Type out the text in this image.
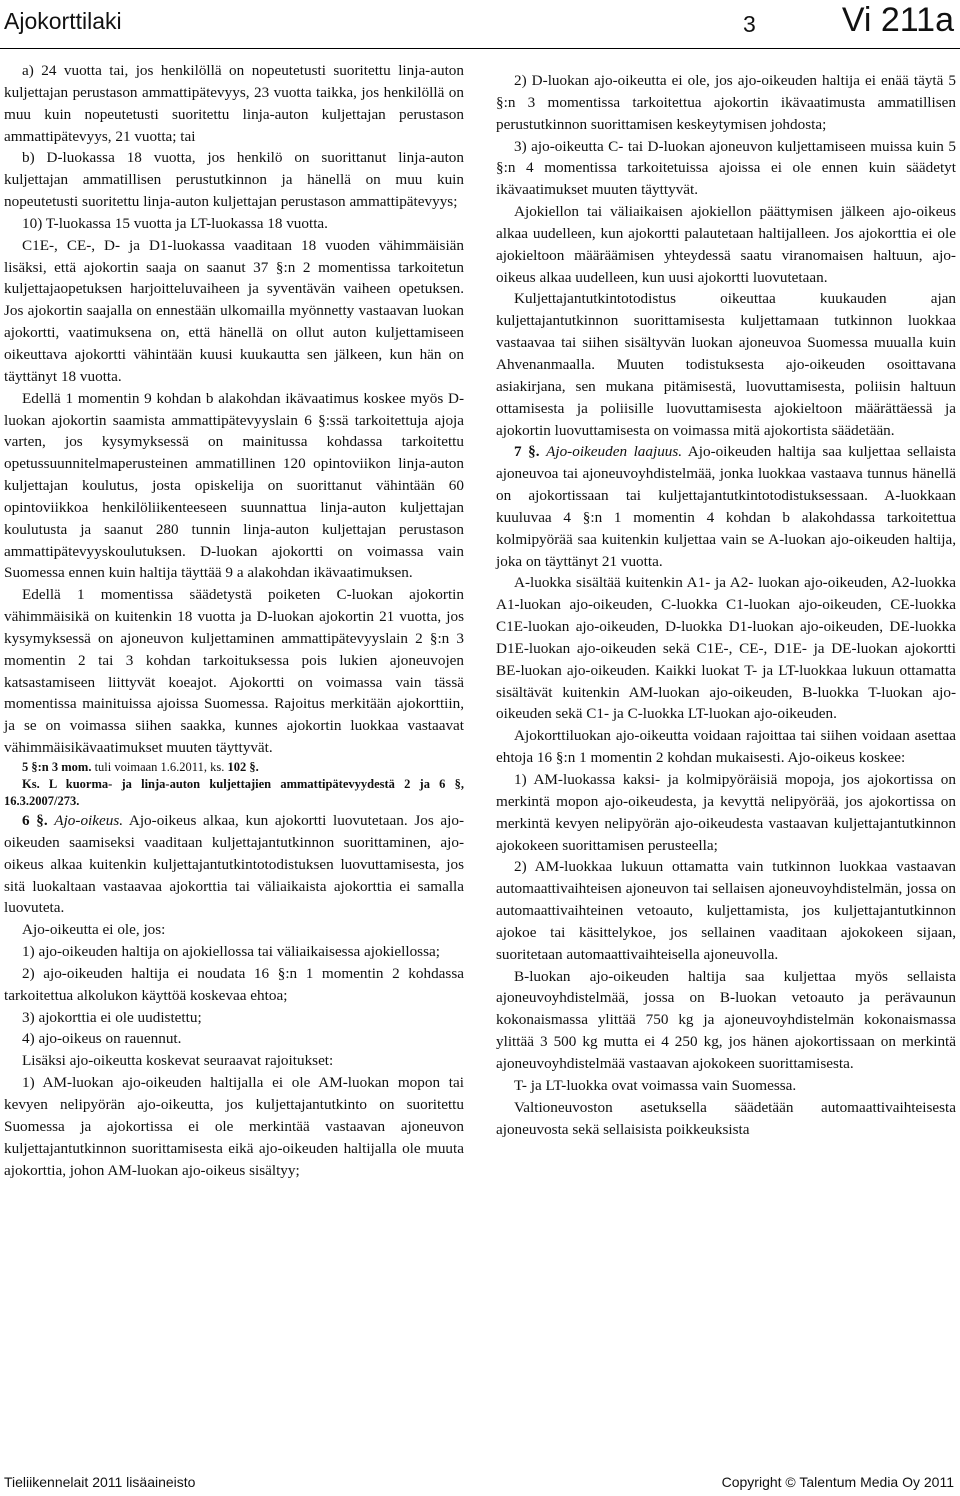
Ajokorttilaki	3	Vi 211a

a) 24 vuotta tai, jos henkilöllä on nopeutetusti suoritettu linja-auton kuljettajan perustason ammattipätevyys, 23 vuotta taikka, jos henkilöllä on muu kuin nopeutetusti suoritettu linja-auton kuljettajan perustason ammattipätevyys, 21 vuotta; tai

b) D-luokassa 18 vuotta, jos henkilö on suorittanut linja-auton kuljettajan ammatillisen perustutkinnon ja hänellä on muu kuin nopeutetusti suoritettu linja-auton kuljettajan perustason ammattipätevyys;

10) T-luokassa 15 vuotta ja LT-luokassa 18 vuotta.

C1E-, CE-, D- ja D1-luokassa vaaditaan 18 vuoden vähimmäisiän lisäksi, että ajokortin saaja on saanut 37 §:n 2 momentissa tarkoitetun kuljettajaopetuksen harjoitteluvaiheen ja syventävän vaiheen opetuksen. Jos ajokortin saajalla on ennestään ulkomailla myönnetty vastaavan luokan ajokortti, vaatimuksena on, että hänellä on ollut auton kuljettamiseen oikeuttava ajokortti vähintään kuusi kuukautta sen jälkeen, kun hän on täyttänyt 18 vuotta.

Edellä 1 momentin 9 kohdan b alakohdan ikävaatimus koskee myös D-luokan ajokortin saamista ammattipätevyyslain 6 §:ssä tarkoitettuja ajoja varten, jos kysymyksessä on mainitussa kohdassa tarkoitettu opetussuunnitelmaperusteinen ammatillinen 120 opintoviikon linja-auton kuljettajan koulutus, josta opiskelija on suorittanut vähintään 60 opintoviikkoa henkilöliikenteeseen suunnattua linja-auton kuljettajan koulutusta ja saanut 280 tunnin linja-auton kuljettajan perustason ammattipätevyyskoulutuksen. D-luokan ajokortti on voimassa vain Suomessa ennen kuin haltija täyttää 9 a alakohdan ikävaatimuksen.

Edellä 1 momentissa säädetystä poiketen C-luokan ajokortin vähimmäisikä on kuitenkin 18 vuotta ja D-luokan ajokortin 21 vuotta, jos kysymyksessä on ajoneuvon kuljettaminen ammattipätevyyslain 2 §:n 3 momentin 2 tai 3 kohdan tarkoituksessa pois lukien ajoneuvojen katsastamiseen liittyvät koeajot. Ajokortti on voimassa vain tässä momentissa mainituissa ajoissa Suomessa. Rajoitus merkitään ajokorttiin, ja se on voimassa siihen saakka, kunnes ajokortin luokkaa vastaavat vähimmäisikävaatimukset muuten täyttyvät.

5 §:n 3 mom. tuli voimaan 1.6.2011, ks. 102 §.

Ks. L kuorma- ja linja-auton kuljettajien ammattipätevyydestä 2 ja 6 §, 16.3.2007/273.

6 §. Ajo-oikeus. Ajo-oikeus alkaa, kun ajokortti luovutetaan. Jos ajo-oikeuden saamiseksi vaaditaan kuljettajantutkinnon suorittaminen, ajo-oikeus alkaa kuitenkin kuljettajantutkintotodistuksen luovuttamisesta, jos sitä luokaltaan vastaavaa ajokorttia tai väliaikaista ajokorttia ei samalla luovuteta.

Ajo-oikeutta ei ole, jos:

1) ajo-oikeuden haltija on ajokiellossa tai väliaikaisessa ajokiellossa;

2) ajo-oikeuden haltija ei noudata 16 §:n 1 momentin 2 kohdassa tarkoitettua alkolukon käyttöä koskevaa ehtoa;

3) ajokorttia ei ole uudistettu;

4) ajo-oikeus on rauennut.

Lisäksi ajo-oikeutta koskevat seuraavat rajoitukset:

1) AM-luokan ajo-oikeuden haltijalla ei ole AM-luokan mopon tai kevyen nelipyörän ajo-oikeutta, jos kuljettajantutkinto on suoritettu Suomessa ja ajokortissa ei ole merkintää vastaavan ajoneuvon kuljettajantutkinnon suorittamisesta eikä ajo-oikeuden haltijalla ole muuta ajokorttia, johon AM-luokan ajo-oikeus sisältyy;

2) D-luokan ajo-oikeutta ei ole, jos ajo-oikeuden haltija ei enää täytä 5 §:n 3 momentissa tarkoitettua ajokortin ikävaatimusta ammatillisen perustutkinnon suorittamisen keskeytymisen johdosta;

3) ajo-oikeutta C- tai D-luokan ajoneuvon kuljettamiseen muissa kuin 5 §:n 4 momentissa tarkoitetuissa ajoissa ei ole ennen kuin säädetyt ikävaatimukset muuten täyttyvät.

Ajokiellon tai väliaikaisen ajokiellon päättymisen jälkeen ajo-oikeus alkaa uudelleen, kun ajokortti palautetaan haltijalleen. Jos ajokorttia ei ole ajokieltoon määräämisen yhteydessä saatu viranomaisen haltuun, ajo-oikeus alkaa uudelleen, kun uusi ajokortti luovutetaan.

Kuljettajantutkintotodistus oikeuttaa kuukauden ajan kuljettajantutkinnon suorittamisesta kuljettamaan tutkinnon luokkaa vastaavaa tai siihen sisältyvän luokan ajoneuvoa Suomessa muualla kuin Ahvenanmaalla. Muuten todistuksesta ajo-oikeuden osoittavana asiakirjana, sen mukana pitämisestä, luovuttamisesta, poliisin haltuun ottamisesta ja poliisille luovuttamisesta ajokieltoon määrättäessä ja ajokortin luovuttamisesta on voimassa mitä ajokortista säädetään.

7 §. Ajo-oikeuden laajuus. Ajo-oikeuden haltija saa kuljettaa sellaista ajoneuvoa tai ajoneuvoyhdistelmää, jonka luokkaa vastaava tunnus hänellä on ajokortissaan tai kuljettajantutkintotodistuksessaan. A-luokkaan kuuluvaa 4 §:n 1 momentin 4 kohdan b alakohdassa tarkoitettua kolmipyörää saa kuitenkin kuljettaa vain se A-luokan ajo-oikeuden haltija, joka on täyttänyt 21 vuotta.

A-luokka sisältää kuitenkin A1- ja A2- luokan ajo-oikeuden, A2-luokka A1-luokan ajo-oikeuden, C-luokka C1-luokan ajo-oikeuden, CE-luokka C1E-luokan ajo-oikeuden, D-luokka D1-luokan ajo-oikeuden, DE-luokka D1E-luokan ajo-oikeuden sekä C1E-, CE-, D1E- ja DE-luokan ajokortti BE-luokan ajo-oikeuden. Kaikki luokat T- ja LT-luokkaa lukuun ottamatta sisältävät kuitenkin AM-luokan ajo-oikeuden, B-luokka T-luokan ajo-oikeuden sekä C1- ja C-luokka LT-luokan ajo-oikeuden.

Ajokorttiluokan ajo-oikeutta voidaan rajoittaa tai siihen voidaan asettaa ehtoja 16 §:n 1 momentin 2 kohdan mukaisesti. Ajo-oikeus koskee:

1) AM-luokassa kaksi- ja kolmipyöräisiä mopoja, jos ajokortissa on merkintä mopon ajo-oikeudesta, ja kevyttä nelipyörää, jos ajokortissa on merkintä kevyen nelipyörän ajo-oikeudesta vastaavan kuljettajantutkinnon ajokokeen suorittamisen perusteella;

2) AM-luokkaa lukuun ottamatta vain tutkinnon luokkaa vastaavan automaattivaihteisen ajoneuvon tai sellaisen ajoneuvoyhdistelmän, jossa on automaattivaihteinen vetoauto, kuljettamista, jos kuljettajantutkinnon ajokoe tai käsittelykoe, jos sellainen vaaditaan ajokokeen sijaan, suoritetaan automaattivaihteisella ajoneuvolla.

B-luokan ajo-oikeuden haltija saa kuljettaa myös sellaista ajoneuvoyhdistelmää, jossa on B-luokan vetoauto ja perävaunun kokonaismassa ylittää 750 kg ja ajoneuvoyhdistelmän kokonaismassa ylittää 3 500 kg mutta ei 4 250 kg, jos hänen ajokortissaan on merkintä ajoneuvoyhdistelmää vastaavan ajokokeen suorittamisesta.

T- ja LT-luokka ovat voimassa vain Suomessa.

Valtioneuvoston asetuksella säädetään automaattivaihteisesta ajoneuvosta sekä sellaisista poikkeuksista

Tieliikennelait 2011 lisäaineisto	Copyright © Talentum Media Oy 2011
